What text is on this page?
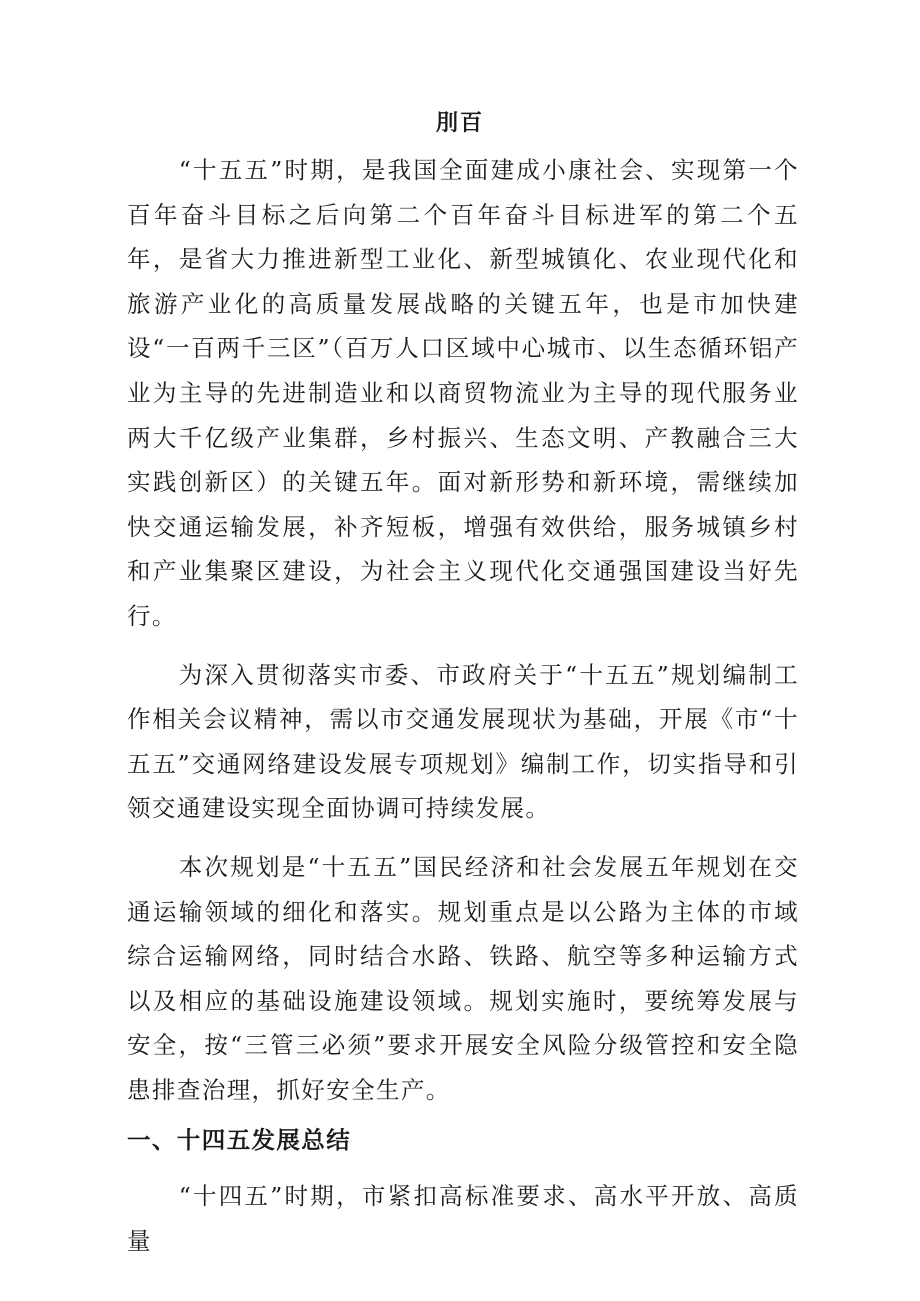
刖百

“十五五”时期，是我国全面建成小康社会、实现第一个百年奋斗目标之后向第二个百年奋斗目标进军的第二个五年，是省大力推进新型工业化、新型城镇化、农业现代化和旅游产业化的高质量发展战略的关键五年，也是市加快建设“一百两千三区”（百万人口区域中心城市、以生态循环铝产业为主导的先进制造业和以商贸物流业为主导的现代服务业两大千亿级产业集群，乡村振兴、生态文明、产教融合三大实践创新区）的关键五年。面对新形势和新环境，需继续加快交通运输发展，补齐短板，增强有效供给，服务城镇乡村和产业集聚区建设，为社会主义现代化交通强国建设当好先行。

为深入贯彻落实市委、市政府关于“十五五”规划编制工作相关会议精神，需以市交通发展现状为基础，开展《市“十五五”交通网络建设发展专项规划》编制工作，切实指导和引领交通建设实现全面协调可持续发展。

本次规划是“十五五”国民经济和社会发展五年规划在交通运输领域的细化和落实。规划重点是以公路为主体的市域综合运输网络，同时结合水路、铁路、航空等多种运输方式以及相应的基础设施建设领域。规划实施时，要统筹发展与安全，按“三管三必须”要求开展安全风险分级管控和安全隐患排查治理，抓好安全生产。

一、十四五发展总结

“十四五”时期，市紧扣高标准要求、高水平开放、高质量
